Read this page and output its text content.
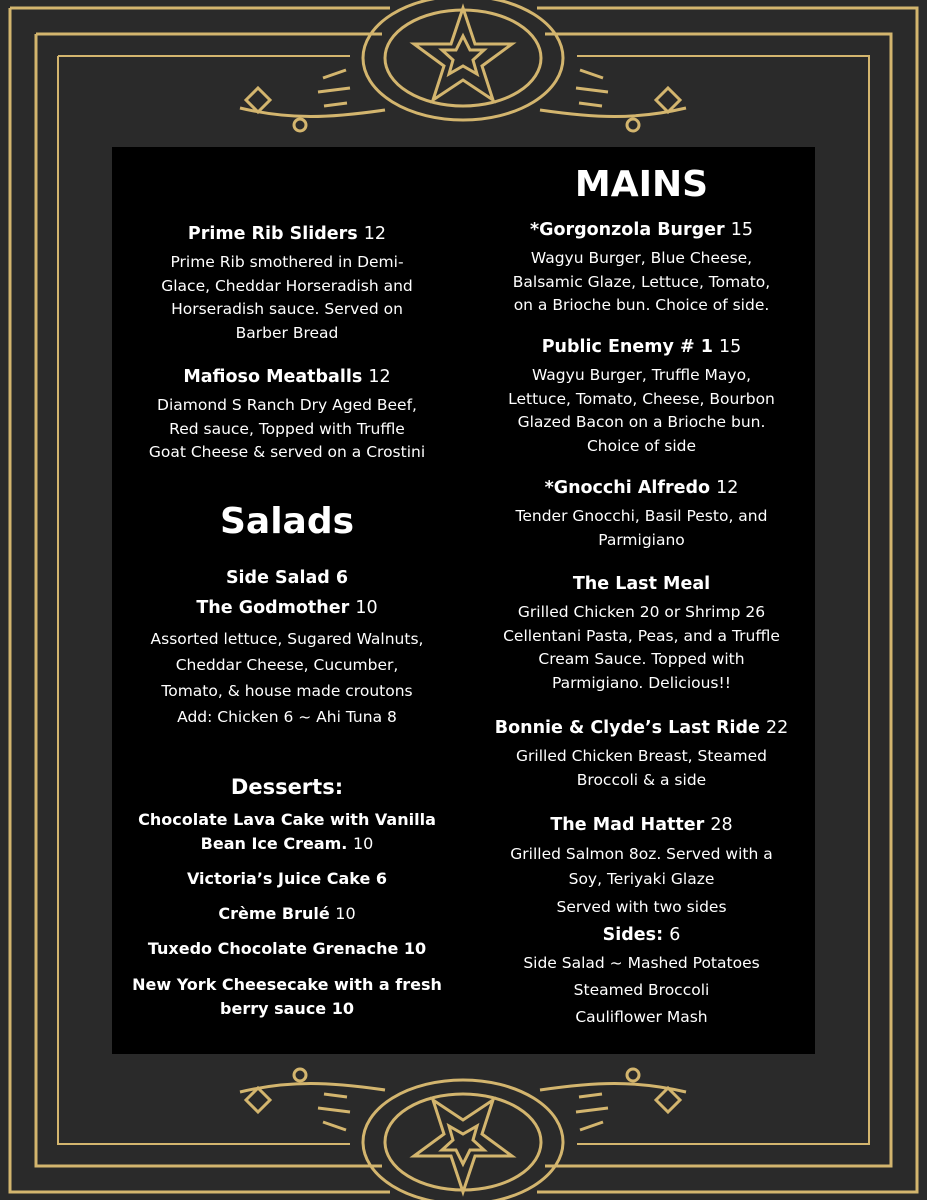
Prime Rib Sliders 12
Prime Rib smothered in Demi-
Glace, Cheddar Horseradish and
Horseradish sauce. Served on
Barber Bread
Mafioso Meatballs 12
Diamond S Ranch Dry Aged Beef,
Red sauce, Topped with Truffle
Goat Cheese & served on a Crostini
Salads
Side Salad 6
The Godmother 10
Assorted lettuce, Sugared Walnuts,
Cheddar Cheese, Cucumber,
Tomato, & house made croutons
Add: Chicken 6 ~ Ahi Tuna 8
Desserts:
Chocolate Lava Cake with Vanilla
Bean Ice Cream. 10
Victoria’s Juice Cake 6
Crème Brulé 10
Tuxedo Chocolate Grenache 10
New York Cheesecake with a fresh
berry sauce 10
MAINS
*Gorgonzola Burger 15
Wagyu Burger, Blue Cheese,
Balsamic Glaze, Lettuce, Tomato,
on a Brioche bun. Choice of side.
Public Enemy # 1 15
Wagyu Burger, Truffle Mayo,
Lettuce, Tomato, Cheese, Bourbon
Glazed Bacon on a Brioche bun.
Choice of side
*Gnocchi Alfredo 12
Tender Gnocchi, Basil Pesto, and
Parmigiano
The Last Meal
Grilled Chicken 20 or Shrimp 26
Cellentani Pasta, Peas, and a Truffle
Cream Sauce. Topped with
Parmigiano. Delicious!!
Bonnie & Clyde’s Last Ride 22
Grilled Chicken Breast, Steamed
Broccoli & a side
The Mad Hatter 28
Grilled Salmon 8oz. Served with a
Soy, Teriyaki Glaze
Served with two sides
Sides: 6
Side Salad ~ Mashed Potatoes
Steamed Broccoli
Cauliflower Mash
